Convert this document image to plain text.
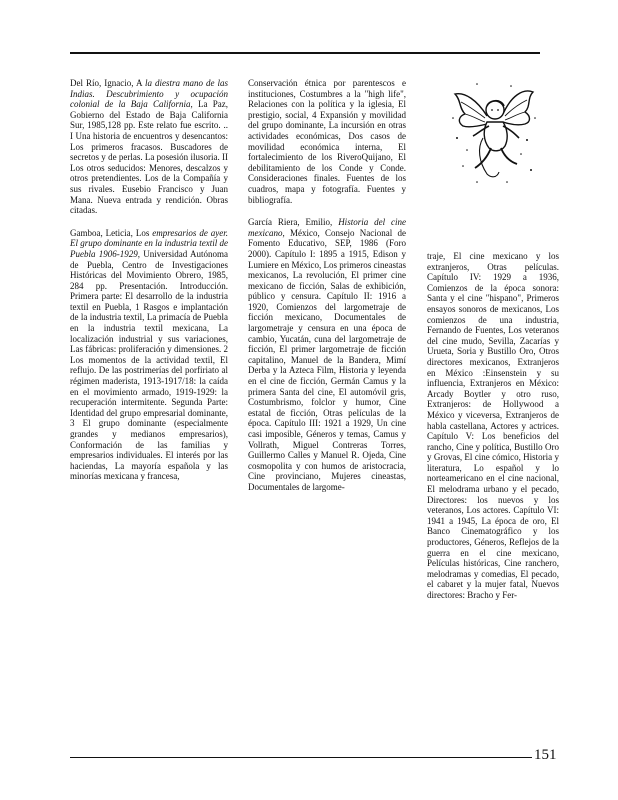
Del Río, Ignacio, A la diestra mano de las Indias. Descubrimiento y ocupación colonial de la Baja California, La Paz, Gobierno del Estado de Baja California Sur, 1985,128 pp. Este relato fue escrito. .. I Una historia de encuentros y desencantos: Los primeros fracasos. Buscadores de secretos y de perlas. La posesión ilusoria. II Los otros seducidos: Menores, descalzos y otros pretendientes. Los de la Compañía y sus rivales. Eusebio Francisco y Juan Mana. Nueva entrada y rendición. Obras citadas.

Gamboa, Leticia, Los empresarios de ayer. El grupo dominante en la industria textil de Puebla 1906-1929, Universidad Autónoma de Puebla, Centro de Investigaciones Históricas del Movimiento Obrero, 1985, 284 pp. Presentación. Introducción. Primera parte: El desarrollo de la industria textil en Puebla, 1 Rasgos e implantación de la industria textil, La primacía de Puebla en la industria textil mexicana, La localización industrial y sus variaciones, Las fábricas: proliferación y dimensiones. 2 Los momentos de la actividad textil, El reflujo. De las postrimerías del porfiriato al régimen maderista, 1913-1917/18: la caída en el movimiento armado, 1919-1929: la recuperación intermitente. Segunda Parte: Identidad del grupo empresarial dominante, 3 El grupo dominante (especialmente grandes y medianos empresarios), Conformación de las familias y empresarios individuales. El interés por las haciendas, La mayoría española y las minorías mexicana y francesa,

Conservación étnica por parentescos e instituciones, Costumbres a la "high life", Relaciones con la política y la iglesia, El prestigio, social, 4 Expansión y movilidad del grupo dominante, La incursión en otras actividades económicas, Dos casos de movilidad económica interna, El fortalecimiento de los RiveroQuijano, El debilitamiento de los Conde y Conde. Consideraciones finales. Fuentes de los cuadros, mapa y fotografía. Fuentes y bibliografía.

García Riera, Emilio, Historia del cine mexicano, México, Consejo Nacional de Fomento Educativo, SEP, 1986 (Foro 2000). Capítulo I: 1895 a 1915, Edison y Lumiere en México, Los primeros cineastas mexicanos, La revolución, El primer cine mexicano de ficción, Salas de exhibición, público y censura. Capítulo II: 1916 a 1920, Comienzos del largometraje de ficción mexicano, Documentales de largometraje y censura en una época de cambio, Yucatán, cuna del largometraje de ficción, El primer largometraje de ficción capitalino, Manuel de la Bandera, Mimí Derba y la Azteca Film, Historia y leyenda en el cine de ficción, Germán Camus y la primera Santa del cine, El automóvil gris, Costumbrismo, folclor y humor, Cine estatal de ficción, Otras películas de la época. Capítulo III: 1921 a 1929, Un cine casi imposible, Géneros y temas, Camus y Vollrath, Miguel Contreras Torres, Guillermo Calles y Manuel R. Ojeda, Cine cosmopolita y con humos de aristocracia, Cine provinciano, Mujeres cineastas, Documentales de largome-

traje, El cine mexicano y los extranjeros, Otras películas. Capítulo IV: 1929 a 1936, Comienzos de la época sonora: Santa y el cine "hispano", Primeros ensayos sonoros de mexicanos, Los comienzos de una industria, Fernando de Fuentes, Los veteranos del cine mudo, Sevilla, Zacarías y Urueta, Soria y Bustillo Oro, Otros directores mexicanos, Extranjeros en México :Einsenstein y su influencia, Extranjeros en México: Arcady Boytler y otro ruso, Extranjeros: de Hollywood a México y viceversa, Extranjeros de habla castellana, Actores y actrices. Capítulo V: Los beneficios del rancho, Cine y política, Bustillo Oro y Grovas, El cine cómico, Historia y literatura, Lo español y lo norteamericano en el cine nacional, El melodrama urbano y el pecado, Directores: los nuevos y los veteranos, Los actores. Capítulo VI: 1941 a 1945, La época de oro, El Banco Cinematográfico y los productores, Géneros, Reflejos de la guerra en el cine mexicano, Películas históricas, Cine ranchero, melodramas y comedias, El pecado, el cabaret y la mujer fatal, Nuevos directores: Bracho y Fer-

151
